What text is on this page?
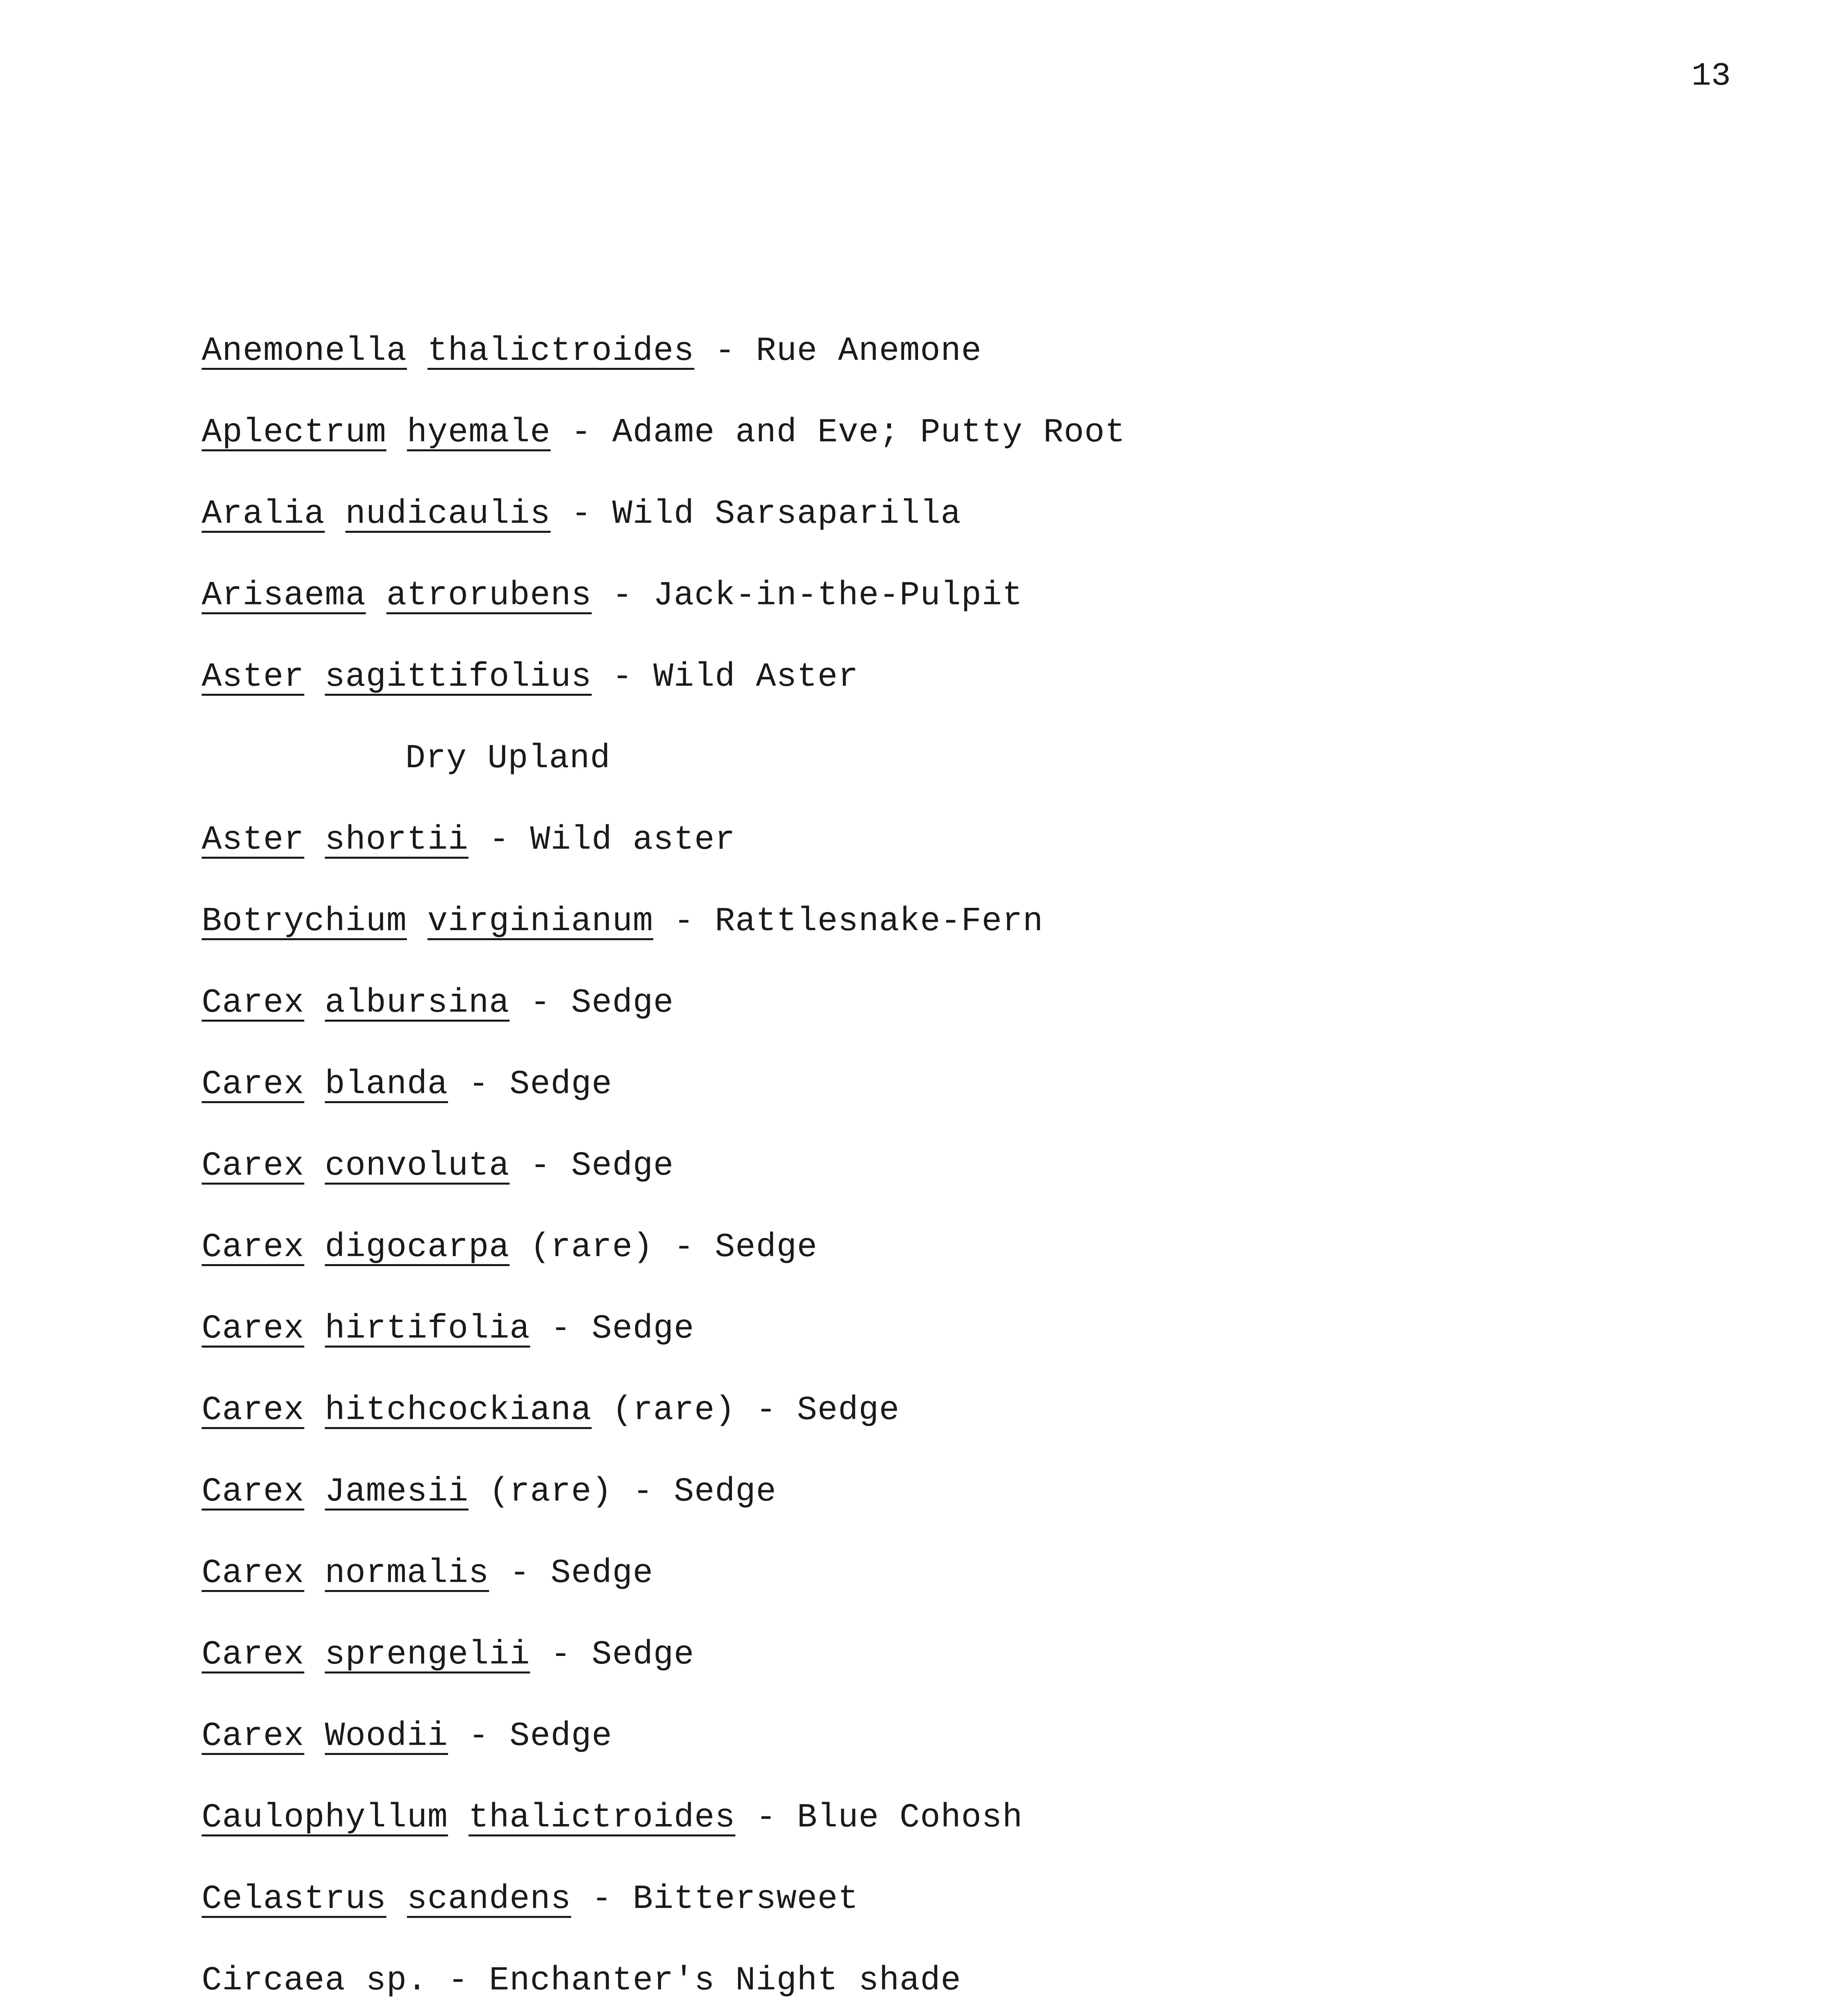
13
Anemonella thalictroides - Rue Anemone
Aplectrum hyemale - Adame and Eve; Putty Root
Aralia nudicaulis - Wild Sarsaparilla
Arisaema atrorubens - Jack-in-the-Pulpit
Aster sagittifolius - Wild Aster
Dry Upland
Aster shortii - Wild aster
Botrychium virginianum - Rattlesnake-Fern
Carex albursina - Sedge
Carex blanda - Sedge
Carex convoluta - Sedge
Carex digocarpa (rare) - Sedge
Carex hirtifolia - Sedge
Carex hitchcockiana (rare) - Sedge
Carex Jamesii (rare) - Sedge
Carex normalis - Sedge
Carex sprengelii - Sedge
Carex Woodii - Sedge
Caulophyllum thalictroides - Blue Cohosh
Celastrus scandens - Bittersweet
Circaea sp. - Enchanter's Night shade
